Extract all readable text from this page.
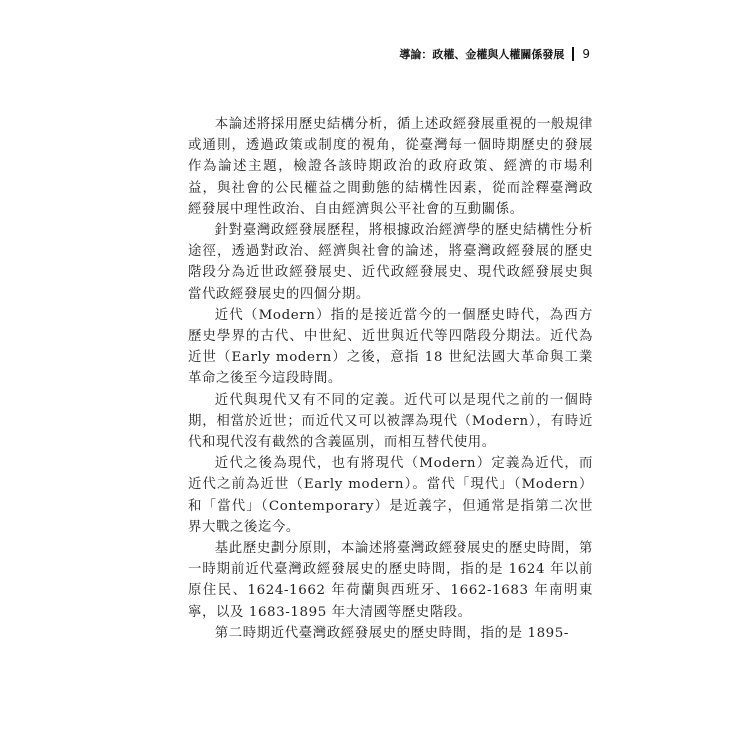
導論：政權、金權與人權關係發展 9

本論述將採用歷史結構分析，循上述政經發展重視的一般規律或通則，透過政策或制度的視角，從臺灣每一個時期歷史的發展作為論述主題，檢證各該時期政治的政府政策、經濟的市場利益，與社會的公民權益之間動態的結構性因素，從而詮釋臺灣政經發展中理性政治、自由經濟與公平社會的互動關係。

針對臺灣政經發展歷程，將根據政治經濟學的歷史結構性分析途徑，透過對政治、經濟與社會的論述，將臺灣政經發展的歷史階段分為近世政經發展史、近代政經發展史、現代政經發展史與當代政經發展史的四個分期。

近代（Modern）指的是接近當今的一個歷史時代，為西方歷史學界的古代、中世紀、近世與近代等四階段分期法。近代為近世（Early modern）之後，意指 18 世紀法國大革命與工業革命之後至今這段時間。

近代與現代又有不同的定義。近代可以是現代之前的一個時期，相當於近世；而近代又可以被譯為現代（Modern），有時近代和現代沒有截然的含義區別，而相互替代使用。

近代之後為現代，也有將現代（Modern）定義為近代，而近代之前為近世（Early modern）。當代「現代」（Modern）和「當代」（Contemporary）是近義字，但通常是指第二次世界大戰之後迄今。

基此歷史劃分原則，本論述將臺灣政經發展史的歷史時間，第一時期前近代臺灣政經發展史的歷史時間，指的是 1624 年以前原住民、1624-1662 年荷蘭與西班牙、1662-1683 年南明東寧，以及 1683-1895 年大清國等歷史階段。

第二時期近代臺灣政經發展史的歷史時間，指的是 1895-
